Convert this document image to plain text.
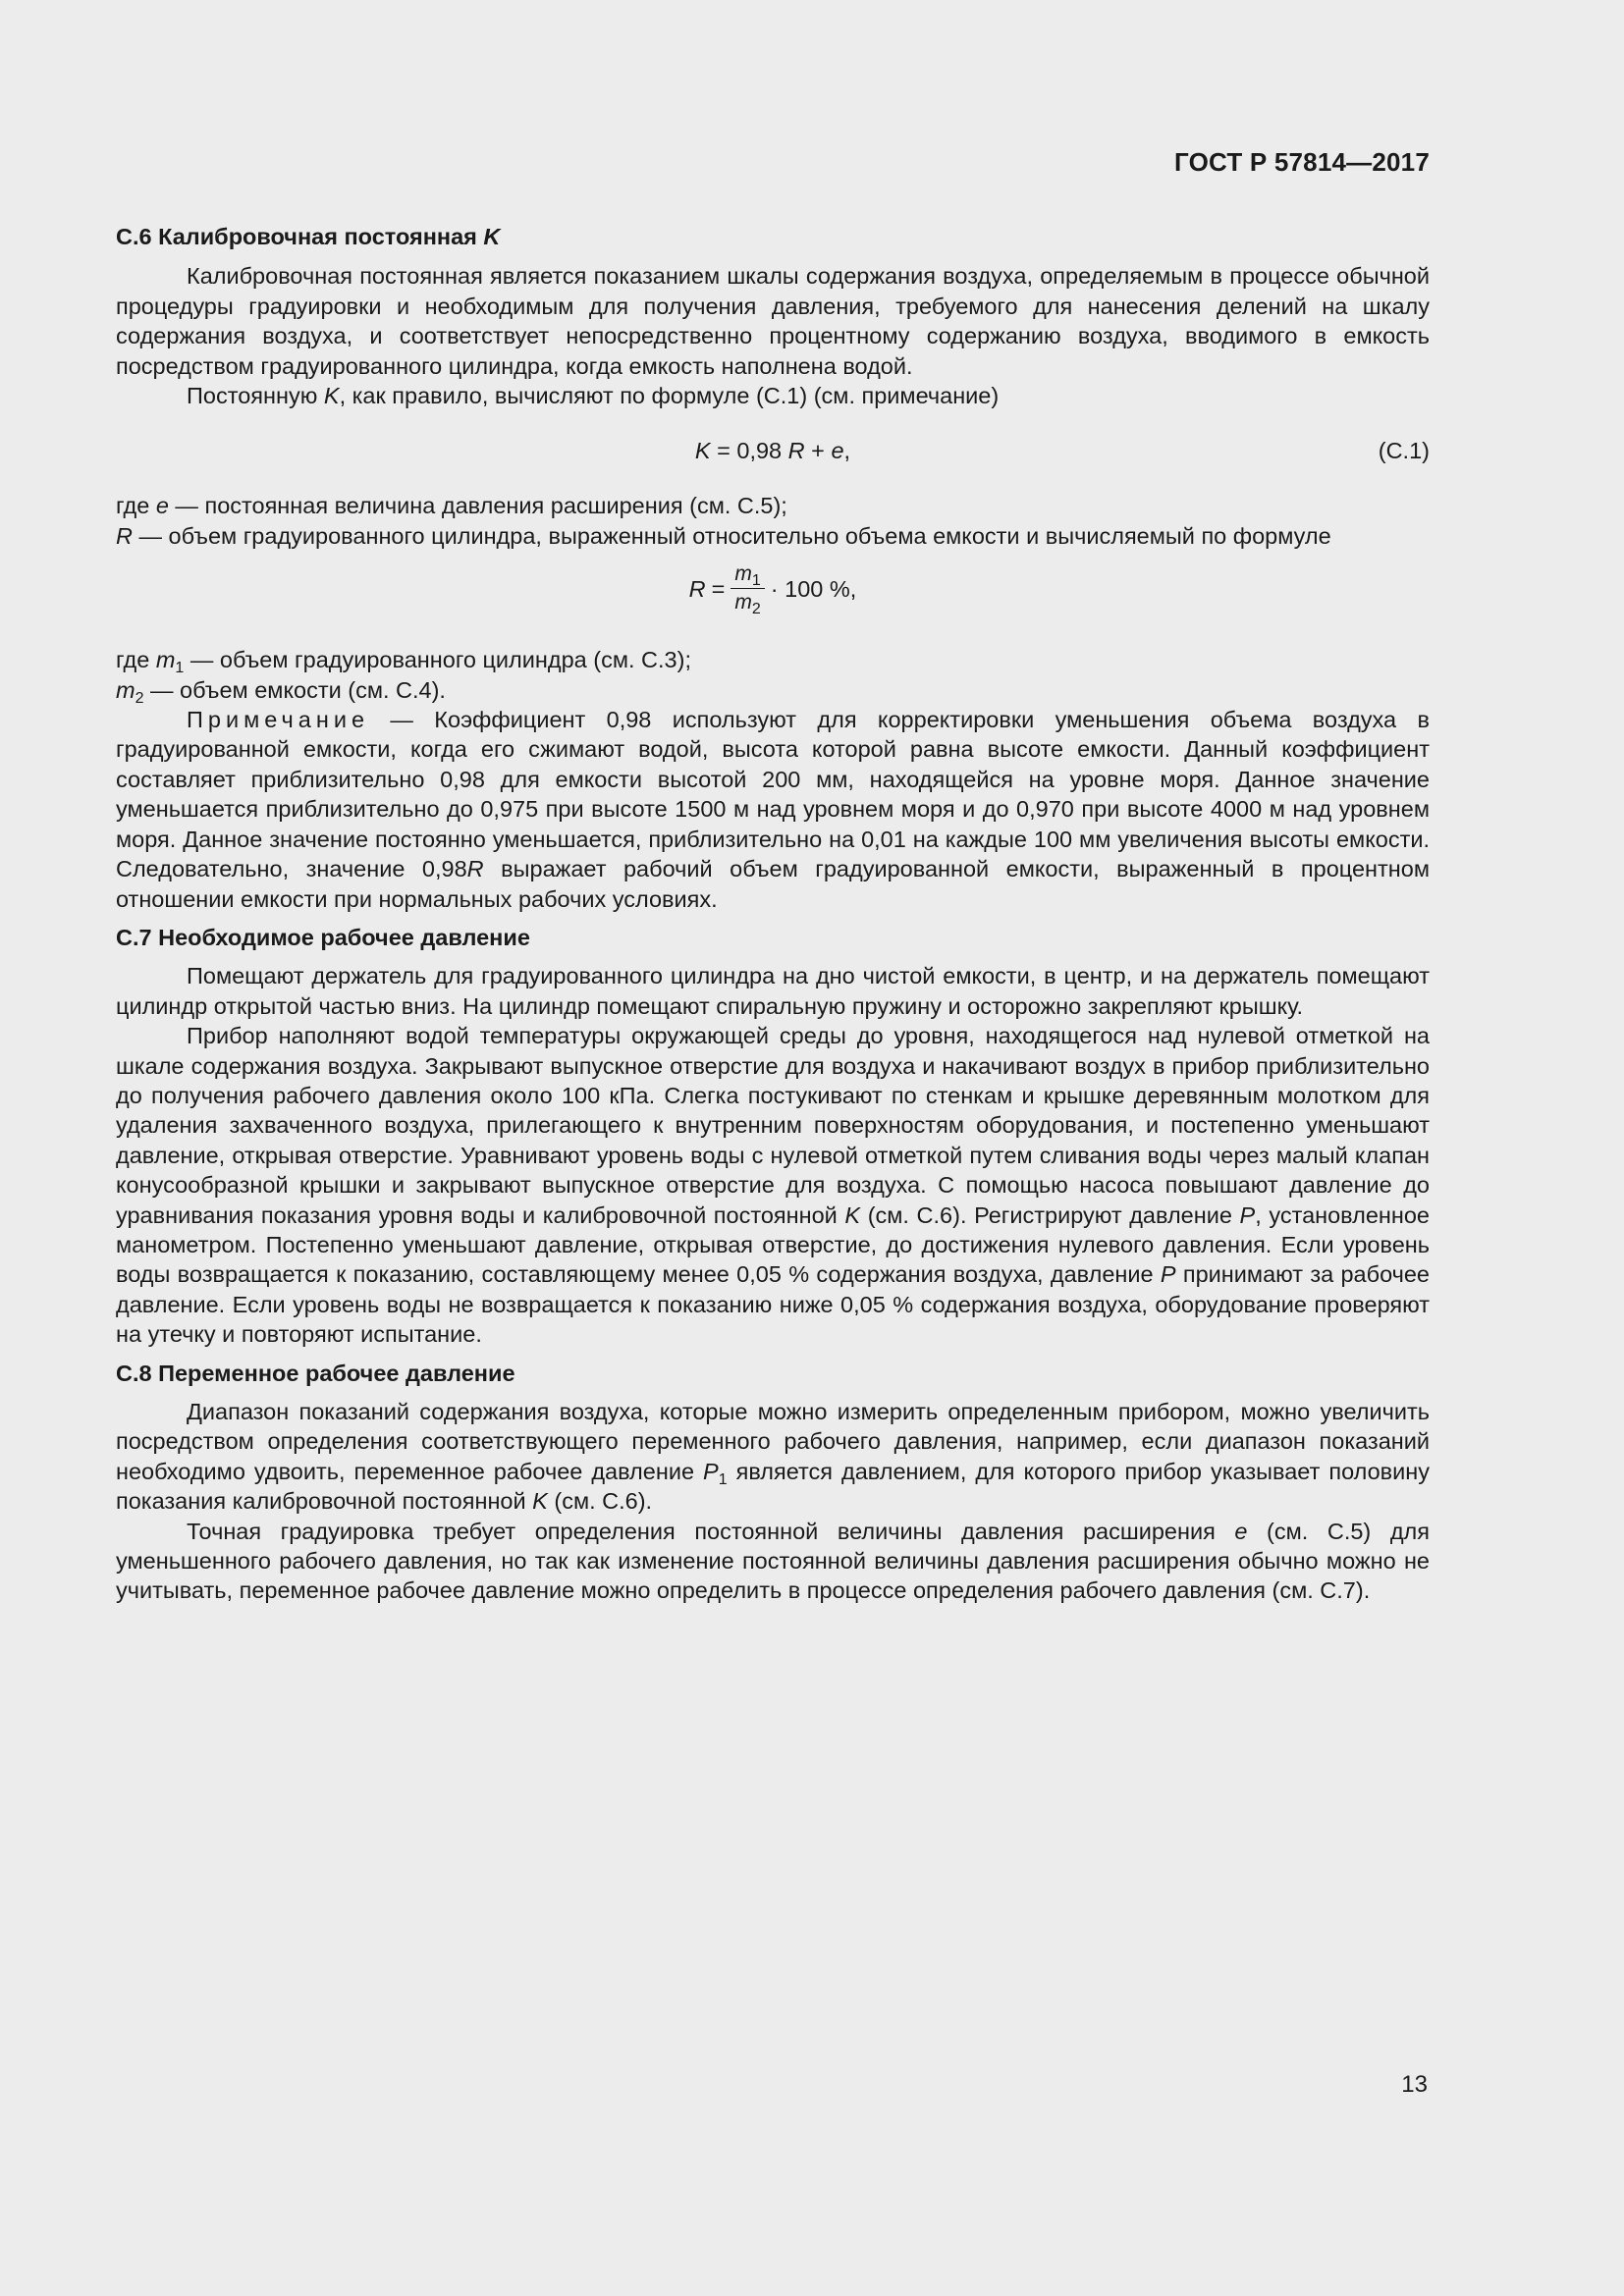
ГОСТ Р 57814—2017

С.6 Калибровочная постоянная K

Калибровочная постоянная является показанием шкалы содержания воздуха, определяемым в процессе обычной процедуры градуировки и необходимым для получения давления, требуемого для нанесения делений на шкалу содержания воздуха, и соответствует непосредственно процентному содержанию воздуха, вводимого в емкость посредством градуированного цилиндра, когда емкость наполнена водой.

Постоянную K, как правило, вычисляют по формуле (С.1) (см. примечание)

K = 0,98 R + e,	(С.1)

где e — постоянная величина давления расширения (см. С.5);

R — объем градуированного цилиндра, выраженный относительно объема емкости и вычисляемый по формуле

$R = \frac{m_1}{m_2} \cdot 100$ %,

где $m_1$ — объем градуированного цилиндра (см. С.3);

$m_2$ — объем емкости (см. С.4).

Примечание — Коэффициент 0,98 используют для корректировки уменьшения объема воздуха в градуированной емкости, когда его сжимают водой, высота которой равна высоте емкости. Данный коэффициент составляет приблизительно 0,98 для емкости высотой 200 мм, находящейся на уровне моря. Данное значение уменьшается приблизительно до 0,975 при высоте 1500 м над уровнем моря и до 0,970 при высоте 4000 м над уровнем моря. Данное значение постоянно уменьшается, приблизительно на 0,01 на каждые 100 мм увеличения высоты емкости. Следовательно, значение 0,98R выражает рабочий объем градуированной емкости, выраженный в процентном отношении емкости при нормальных рабочих условиях.

С.7 Необходимое рабочее давление

Помещают держатель для градуированного цилиндра на дно чистой емкости, в центр, и на держатель помещают цилиндр открытой частью вниз. На цилиндр помещают спиральную пружину и осторожно закрепляют крышку.

Прибор наполняют водой температуры окружающей среды до уровня, находящегося над нулевой отметкой на шкале содержания воздуха. Закрывают выпускное отверстие для воздуха и накачивают воздух в прибор приблизительно до получения рабочего давления около 100 кПа. Слегка постукивают по стенкам и крышке деревянным молотком для удаления захваченного воздуха, прилегающего к внутренним поверхностям оборудования, и постепенно уменьшают давление, открывая отверстие. Уравнивают уровень воды с нулевой отметкой путем сливания воды через малый клапан конусообразной крышки и закрывают выпускное отверстие для воздуха. С помощью насоса повышают давление до уравнивания показания уровня воды и калибровочной постоянной K (см. С.6). Регистрируют давление P, установленное манометром. Постепенно уменьшают давление, открывая отверстие, до достижения нулевого давления. Если уровень воды возвращается к показанию, составляющему менее 0,05 % содержания воздуха, давление P принимают за рабочее давление. Если уровень воды не возвращается к показанию ниже 0,05 % содержания воздуха, оборудование проверяют на утечку и повторяют испытание.

С.8 Переменное рабочее давление

Диапазон показаний содержания воздуха, которые можно измерить определенным прибором, можно увеличить посредством определения соответствующего переменного рабочего давления, например, если диапазон показаний необходимо удвоить, переменное рабочее давление $P_1$ является давлением, для которого прибор указывает половину показания калибровочной постоянной K (см. С.6).

Точная градуировка требует определения постоянной величины давления расширения e (см. С.5) для уменьшенного рабочего давления, но так как изменение постоянной величины давления расширения обычно можно не учитывать, переменное рабочее давление можно определить в процессе определения рабочего давления (см. С.7).

13
